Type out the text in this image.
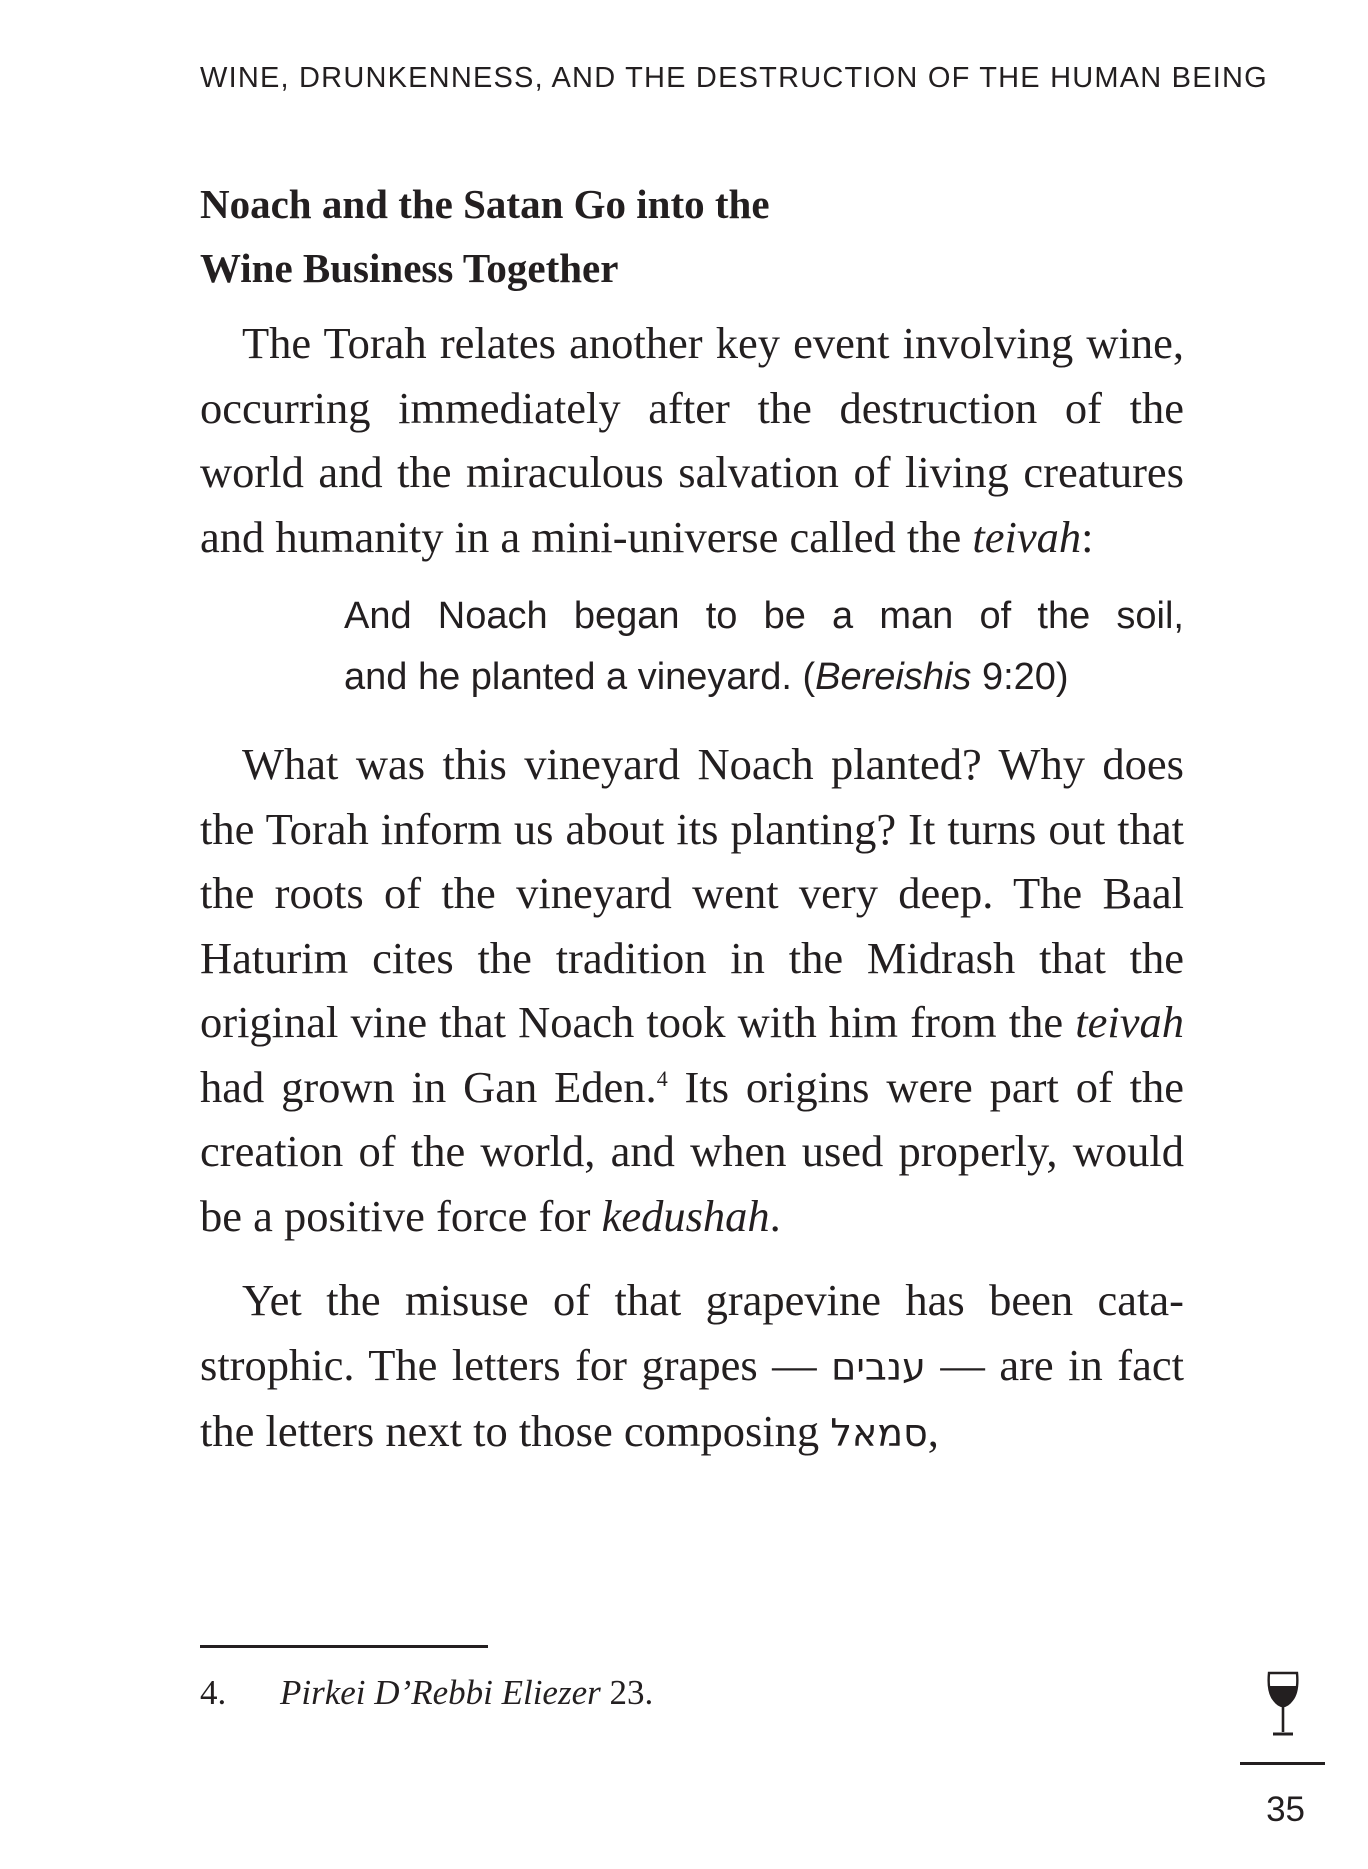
WINE, DRUNKENNESS, AND THE DESTRUCTION OF THE HUMAN BEING
Noach and the Satan Go into the
Wine Business Together

The Torah relates another key event involving wine, occurring immediately after the destruction of the world and the miraculous salvation of living creatures and humanity in a mini-universe called the teivah:

And Noach began to be a man of the soil,
and he planted a vineyard. (Bereishis 9:20)

What was this vineyard Noach planted? Why does the Torah inform us about its planting? It turns out that the roots of the vineyard went very deep. The Baal Haturim cites the tradition in the Midrash that the original vine that Noach took with him from the teivah had grown in Gan Eden.$^4$ Its origins were part of the creation of the world, and when used properly, would be a positive force for kedushah.

Yet the misuse of that grapevine has been catastrophic. The letters for grapes — ענבים — are in fact the letters next to those composing סמאל,

4. Pirkei D’Rebbi Eliezer 23.
35
